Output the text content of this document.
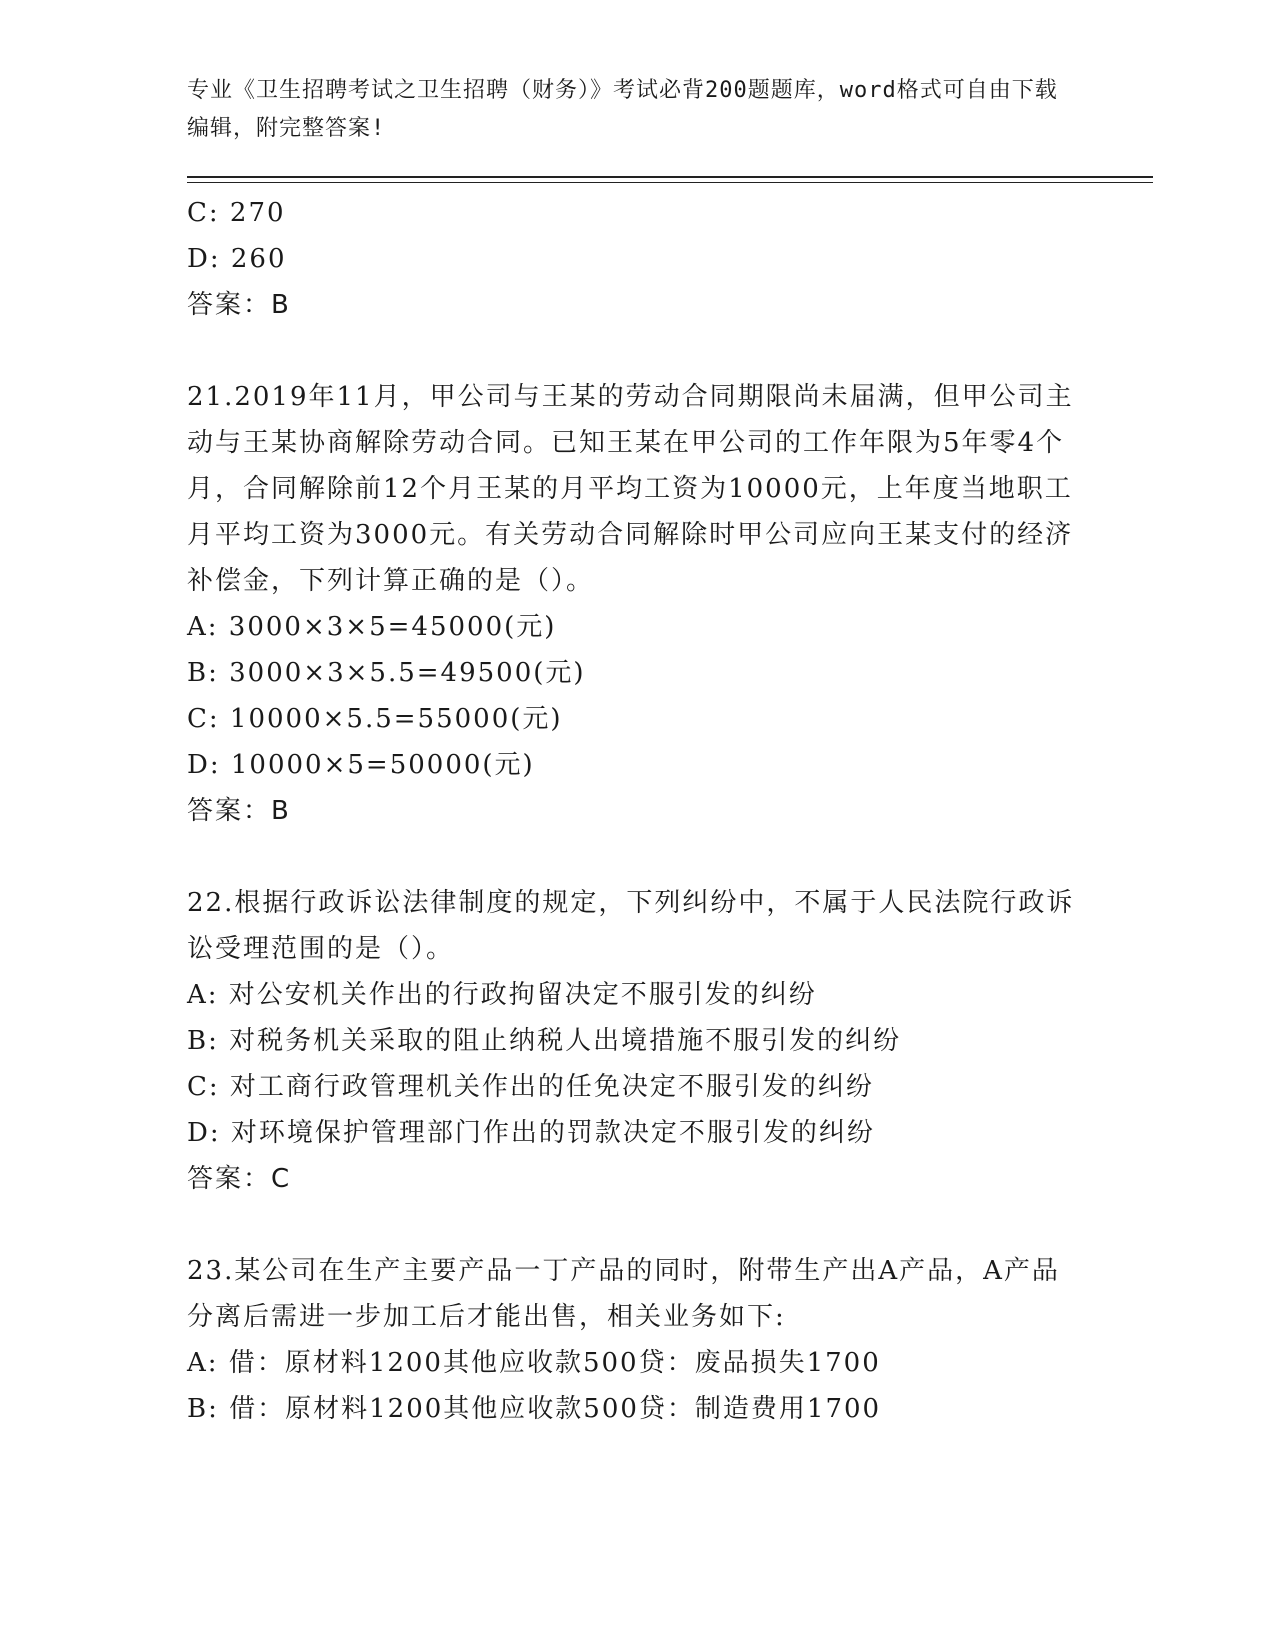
专业《卫生招聘考试之卫生招聘（财务）》考试必背200题题库，word格式可自由下载编辑，附完整答案!
C: 270
D: 260
答案：B
21.2019年11月，甲公司与王某的劳动合同期限尚未届满，但甲公司主动与王某协商解除劳动合同。已知王某在甲公司的工作年限为5年零4个月，合同解除前12个月王某的月平均工资为10000元，上年度当地职工月平均工资为3000元。有关劳动合同解除时甲公司应向王某支付的经济补偿金，下列计算正确的是（）。
A: 3000×3×5=45000(元)
B: 3000×3×5.5=49500(元)
C: 10000×5.5=55000(元)
D: 10000×5=50000(元)
答案：B
22.根据行政诉讼法律制度的规定，下列纠纷中，不属于人民法院行政诉讼受理范围的是（）。
A: 对公安机关作出的行政拘留决定不服引发的纠纷
B: 对税务机关采取的阻止纳税人出境措施不服引发的纠纷
C: 对工商行政管理机关作出的任免决定不服引发的纠纷
D: 对环境保护管理部门作出的罚款决定不服引发的纠纷
答案：C
23.某公司在生产主要产品一丁产品的同时，附带生产出A产品，A产品分离后需进一步加工后才能出售，相关业务如下:
A: 借：原材料1200其他应收款500贷：废品损失1700
B: 借：原材料1200其他应收款500贷：制造费用1700
